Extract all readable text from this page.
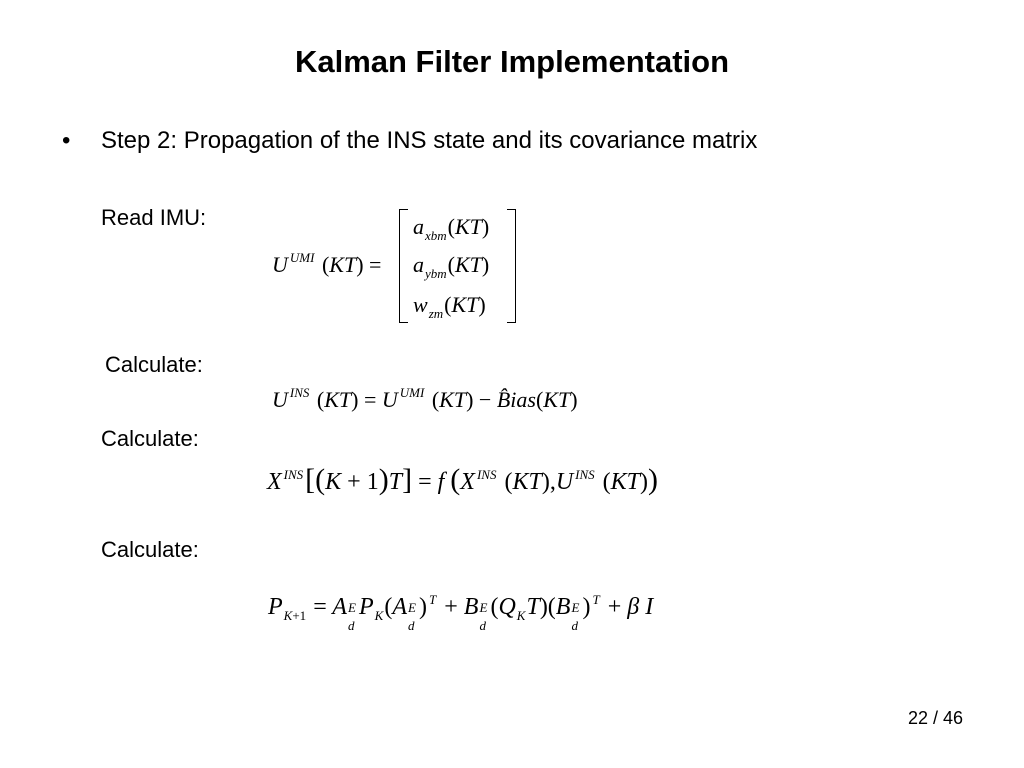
Kalman Filter Implementation
• Step 2: Propagation of the INS state and its covariance matrix
Read IMU:
U $^{UMI}$ (KT) =
$a_{xbm}(KT)$
$a_{ybm}(KT)$
$w_{zm}(KT)$
Calculate:
U $^{INS}$ (KT) = U $^{UMI}$ (KT) − B̂ias(KT)
Calculate:
X $^{INS}$[(K + 1)T] = f (X $^{INS}$ (KT),U $^{INS}$ (KT))
Calculate:
$P_{K+1} = A$ E
d
$P_K(A$ E
d
) $^T$ + B E
d
$(Q_KT)(B$ E
d
) $^T$ + β I
22 / 46
